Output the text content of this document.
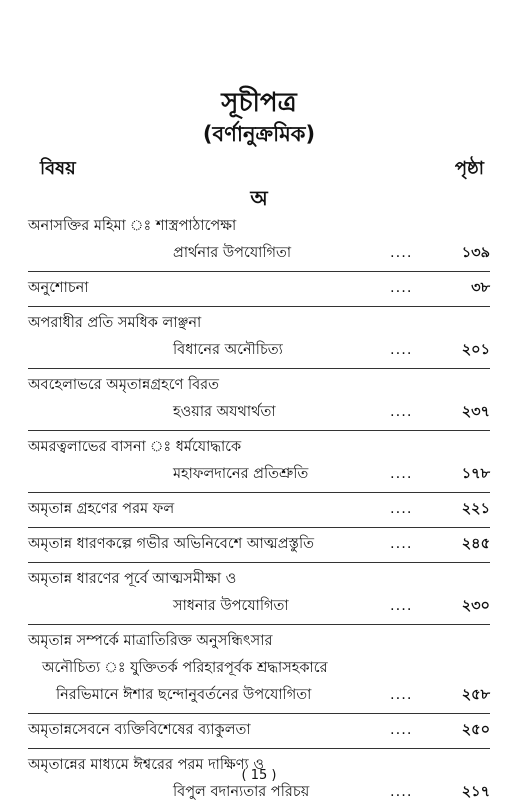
সূচীপত্র
(বর্ণানুক্রমিক)
বিষয়	পৃষ্ঠা
অ
অনাসক্তির মহিমা ঃ শাস্ত্রপাঠাপেক্ষা
প্রার্থনার উপযোগিতা	....	১৩৯
অনুশোচনা	....	৩৮
অপরাধীর প্রতি সমধিক লাঞ্ছনা
বিধানের অনৌচিত্য	....	২০১
অবহেলাভরে অমৃতান্নগ্রহণে বিরত
হওয়ার অযথার্থতা	....	২৩৭
অমরত্বলাভের বাসনা ঃ ধর্মযোদ্ধাকে
মহাফলদানের প্রতিশ্রুতি	....	১৭৮
অমৃতান্ন গ্রহণের পরম ফল	....	২২১
অমৃতান্ন ধারণকল্পে গভীর অভিনিবেশে আত্মপ্রস্তুতি	....	২৪৫
অমৃতান্ন ধারণের পূর্বে আত্মসমীক্ষা ও
সাধনার উপযোগিতা	....	২৩০
অমৃতান্ন সম্পর্কে মাত্রাতিরিক্ত অনুসন্ধিৎসার
অনৌচিত্য ঃ যুক্তিতর্ক পরিহারপূর্বক শ্রদ্ধাসহকারে
নিরভিমানে ঈশার ছন্দোনুবর্তনের উপযোগিতা	....	২৫৮
অমৃতান্নসেবনে ব্যক্তিবিশেষের ব্যাকুলতা	....	২৫০
অমৃতান্নের মাধ্যমে ঈশ্বরের পরম দাক্ষিণ্য ও
বিপুল বদান্যতার পরিচয়	....	২১৭
( 15 )
